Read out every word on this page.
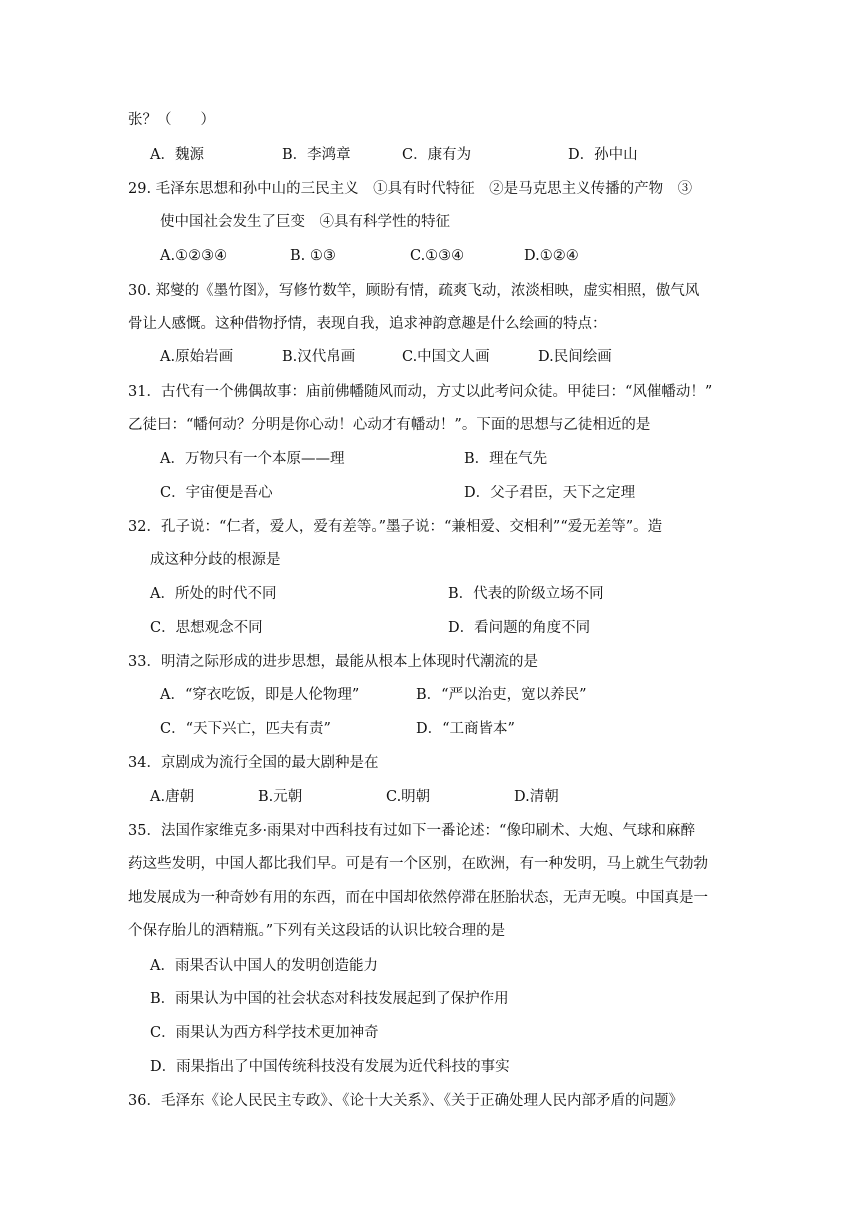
张？（　　）
A．魏源	B．李鸿章	C．康有为	D．孙中山
29. 毛泽东思想和孙中山的三民主义　①具有时代特征　②是马克思主义传播的产物　③
使中国社会发生了巨变　④具有科学性的特征
A.①②③④	B. ①③	C.①③④	D.①②④
30. 郑燮的《墨竹图》，写修竹数竿，顾盼有情，疏爽飞动，浓淡相映，虚实相照，傲气风
骨让人感慨。这种借物抒情，表现自我，追求神韵意趣是什么绘画的特点：
A.原始岩画	B.汉代帛画	C.中国文人画	D.民间绘画
31．古代有一个佛偶故事：庙前佛幡随风而动，方丈以此考问众徒。甲徒曰：“风催幡动！”
乙徒曰：“幡何动？分明是你心动！心动才有幡动！”。下面的思想与乙徒相近的是
A．万物只有一个本原——理	B．理在气先
C．宇宙便是吾心	D．父子君臣，天下之定理
32．孔子说：“仁者，爱人，爱有差等。”墨子说：“兼相爱、交相利”“爱无差等”。造
成这种分歧的根源是
A．所处的时代不同	B．代表的阶级立场不同
C．思想观念不同	D．看问题的角度不同
33．明清之际形成的进步思想，最能从根本上体现时代潮流的是
A．“穿衣吃饭，即是人伦物理”	B．“严以治吏，宽以养民”
C．“天下兴亡，匹夫有责”	D．“工商皆本”
34．京剧成为流行全国的最大剧种是在
A.唐朝	B.元朝	C.明朝	D.清朝
35．法国作家维克多·雨果对中西科技有过如下一番论述：“像印刷术、大炮、气球和麻醉
药这些发明，中国人都比我们早。可是有一个区别，在欧洲，有一种发明，马上就生气勃勃
地发展成为一种奇妙有用的东西，而在中国却依然停滞在胚胎状态，无声无嗅。中国真是一
个保存胎儿的酒精瓶。”下列有关这段话的认识比较合理的是
A．雨果否认中国人的发明创造能力
B．雨果认为中国的社会状态对科技发展起到了保护作用
C．雨果认为西方科学技术更加神奇
D．雨果指出了中国传统科技没有发展为近代科技的事实
36．毛泽东《论人民民主专政》、《论十大关系》、《关于正确处理人民内部矛盾的问题》
